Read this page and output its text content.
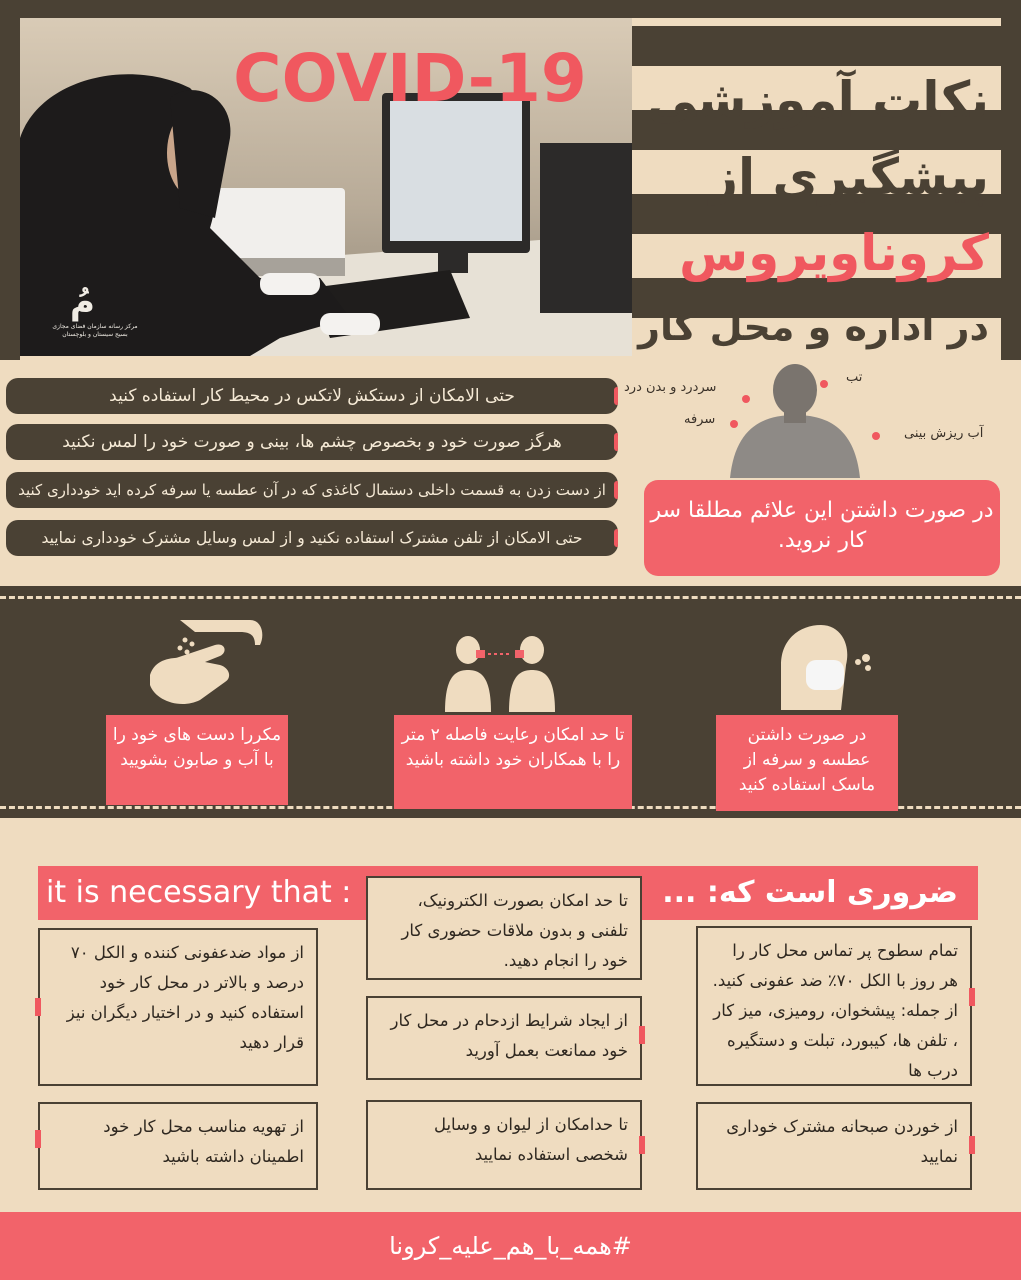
مُ
مرکز رسانه سازمان فضای مجازی بسیج سیستان و بلوچستان
COVID-19	نکات آموزشی
پیشگیری از
کروناویروس
در اداره و محل کار
حتی الامکان از دستکش لاتکس در محیط کار استفاده کنید
هرگز صورت خود و بخصوص چشم ها، بینی و صورت خود را لمس نکنید
از دست زدن به قسمت داخلی دستمال کاغذی که در آن عطسه یا سرفه کرده اید خودداری کنید
حتی الامکان از تلفن مشترک استفاده نکنید و از لمس وسایل مشترک خودداری نمایید
تب
سردرد و بدن درد
سرفه
آب ریزش بینی
در صورت داشتن این علائم مطلقا سر کار نروید.
مکررا دست های خود را با آب و صابون بشویید
تا حد امکان رعایت فاصله ۲ متر را با همکاران خود داشته باشید
در صورت داشتن عطسه و سرفه از ماسک استفاده کنید
ضروری است که: ...
it is necessary that :
تمام سطوح پر تماس محل کار را هر روز با الکل ۷۰٪ ضد عفونی کنید. از جمله: پیشخوان، رومیزی، میز کار ، تلفن ها، کیبورد، تبلت و دستگیره درب ها
تا حد امکان بصورت الکترونیک، تلفنی و بدون ملاقات حضوری کار خود را انجام دهید.
از ایجاد شرایط ازدحام در محل کار خود ممانعت بعمل آورید
از مواد ضدعفونی کننده و الکل ۷۰ درصد و بالاتر در محل کار خود استفاده کنید و در اختیار دیگران نیز قرار دهید
از خوردن صبحانه مشترک خوداری نمایید
تا حدامکان از لیوان و وسایل شخصی استفاده نمایید
از تهویه مناسب محل کار خود اطمینان داشته باشید
#همه_با_هم_علیه_کرونا
